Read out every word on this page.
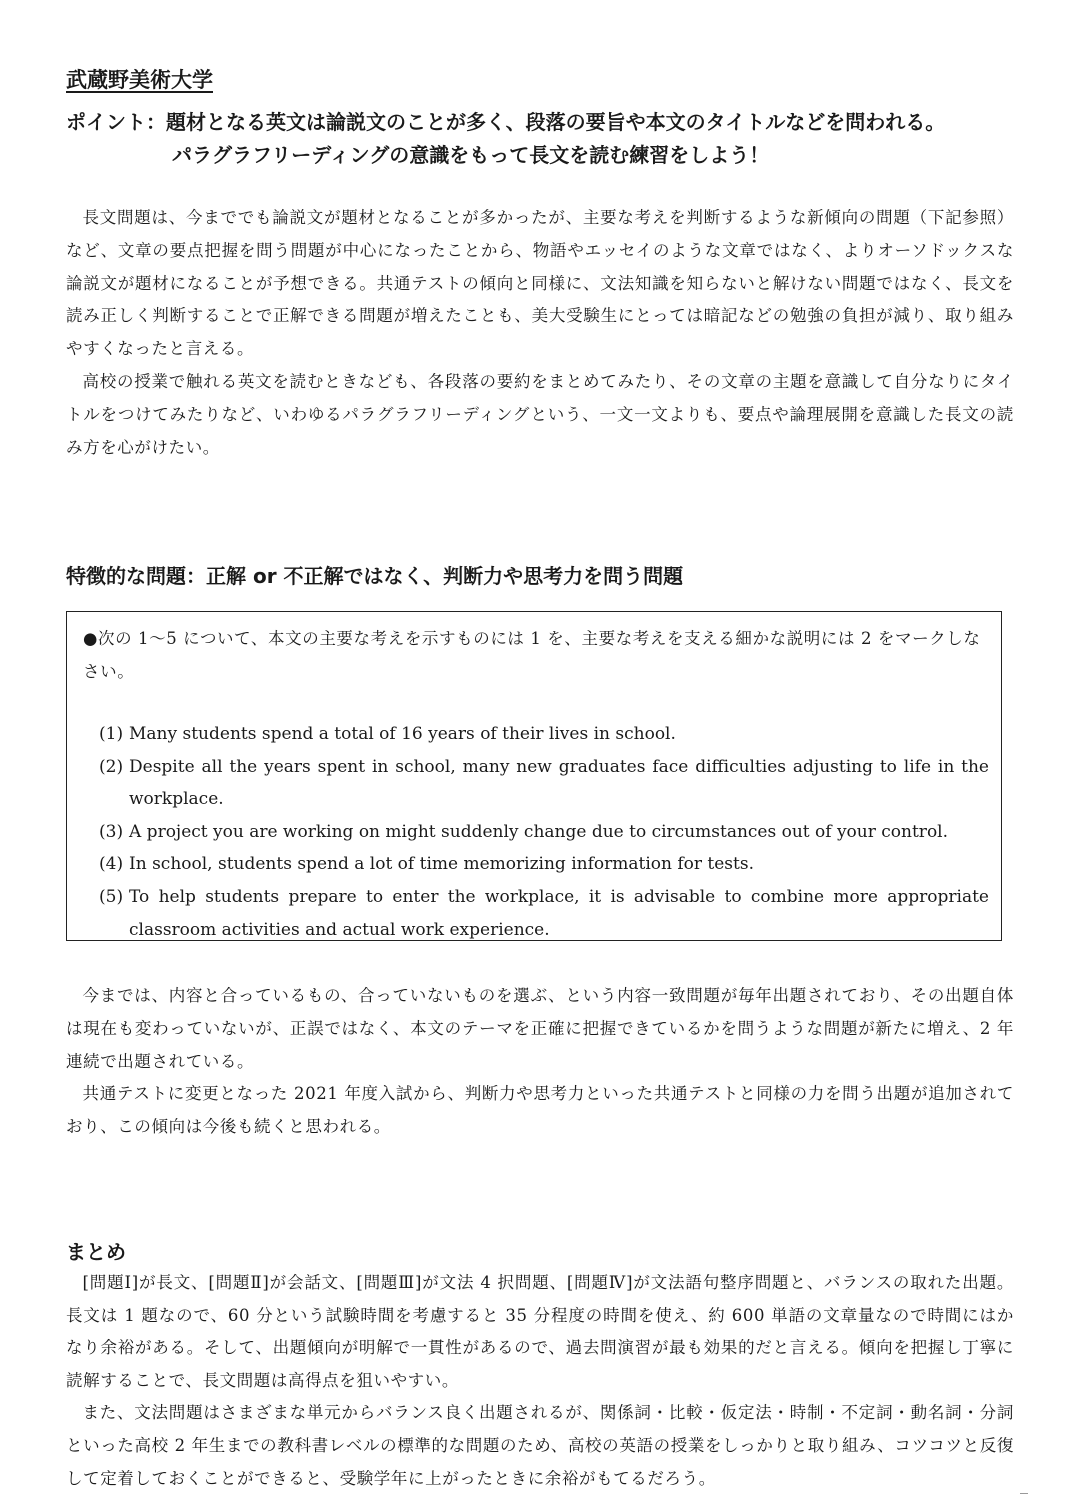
武蔵野美術大学
ポイント：題材となる英文は論説文のことが多く、段落の要旨や本文のタイトルなどを問われる。
パラグラフリーディングの意識をもって長文を読む練習をしよう！

長文問題は、今まででも論説文が題材となることが多かったが、主要な考えを判断するような新傾向の問題（下記参照）など、文章の要点把握を問う問題が中心になったことから、物語やエッセイのような文章ではなく、よりオーソドックスな論説文が題材になることが予想できる。共通テストの傾向と同様に、文法知識を知らないと解けない問題ではなく、長文を読み正しく判断することで正解できる問題が増えたことも、美大受験生にとっては暗記などの勉強の負担が減り、取り組みやすくなったと言える。

高校の授業で触れる英文を読むときなども、各段落の要約をまとめてみたり、その文章の主題を意識して自分なりにタイトルをつけてみたりなど、いわゆるパラグラフリーディングという、一文一文よりも、要点や論理展開を意識した長文の読み方を心がけたい。

特徴的な問題：正解 or 不正解ではなく、判断力や思考力を問う問題
●次の 1～5 について、本文の主要な考えを示すものには 1 を、主要な考えを支える細かな説明には 2 をマークしなさい。
(1) Many students spend a total of 16 years of their lives in school.
(2) Despite all the years spent in school, many new graduates face difficulties adjusting to life in the workplace.
(3) A project you are working on might suddenly change due to circumstances out of your control.
(4) In school, students spend a lot of time memorizing information for tests.
(5) To help students prepare to enter the workplace, it is advisable to combine more appropriate classroom activities and actual work experience.

今までは、内容と合っているもの、合っていないものを選ぶ、という内容一致問題が毎年出題されており、その出題自体は現在も変わっていないが、正誤ではなく、本文のテーマを正確に把握できているかを問うような問題が新たに増え、2 年連続で出題されている。

共通テストに変更となった 2021 年度入試から、判断力や思考力といった共通テストと同様の力を問う出題が追加されており、この傾向は今後も続くと思われる。

まとめ

[問題Ⅰ]が長文、[問題Ⅱ]が会話文、[問題Ⅲ]が文法 4 択問題、[問題Ⅳ]が文法語句整序問題と、バランスの取れた出題。長文は 1 題なので、60 分という試験時間を考慮すると 35 分程度の時間を使え、約 600 単語の文章量なので時間にはかなり余裕がある。そして、出題傾向が明解で一貫性があるので、過去問演習が最も効果的だと言える。傾向を把握し丁寧に読解することで、長文問題は高得点を狙いやすい。

また、文法問題はさまざまな単元からバランス良く出題されるが、関係詞・比較・仮定法・時制・不定詞・動名詞・分詞といった高校 2 年生までの教科書レベルの標準的な問題のため、高校の英語の授業をしっかりと取り組み、コツコツと反復して定着しておくことができると、受験学年に上がったときに余裕がもてるだろう。
